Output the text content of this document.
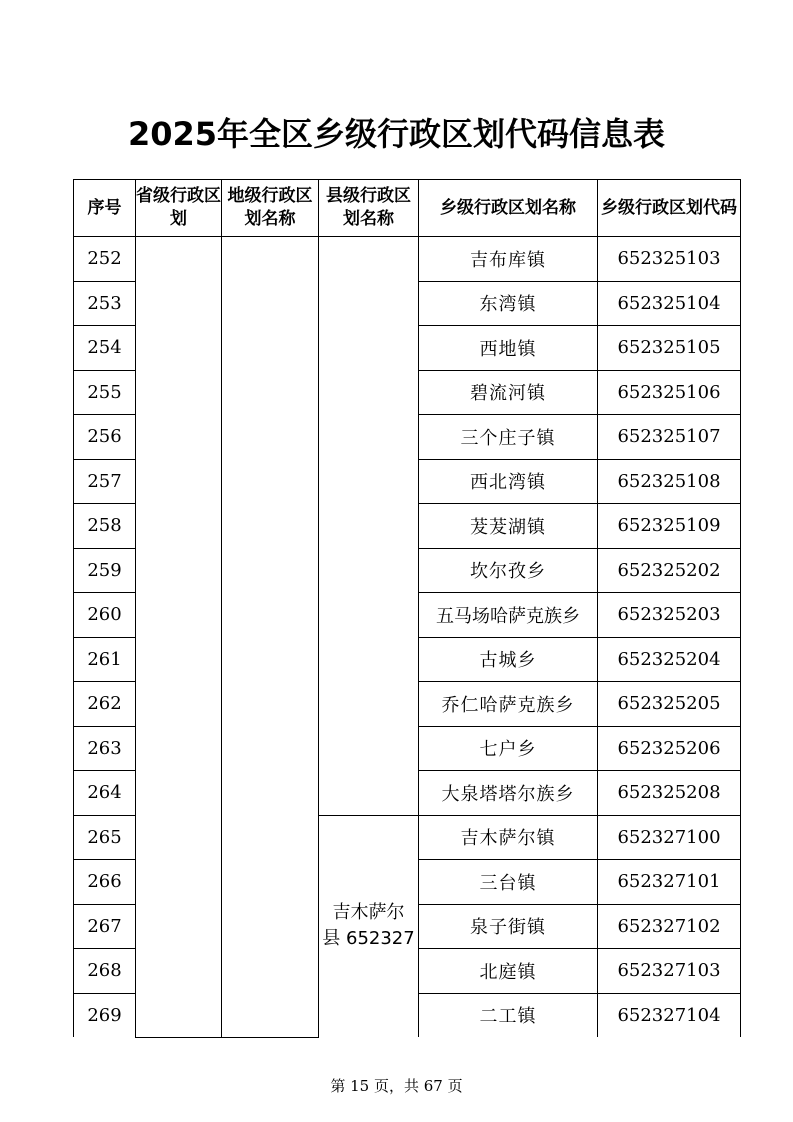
2025年全区乡级行政区划代码信息表
序号	省级行政区划	地级行政区划名称	县级行政区划名称	乡级行政区划名称	乡级行政区划代码
252				吉布库镇	652325103
253				东湾镇	652325104
254				西地镇	652325105
255				碧流河镇	652325106
256				三个庄子镇	652325107
257				西北湾镇	652325108
258				茇茇湖镇	652325109
259				坎尔孜乡	652325202
260				五马场哈萨克族乡	652325203
261				古城乡	652325204
262				乔仁哈萨克族乡	652325205
263				七户乡	652325206
264				大泉塔塔尔族乡	652325208
265			吉木萨尔
县 652327	吉木萨尔镇	652327100
266				三台镇	652327101
267				泉子街镇	652327102
268				北庭镇	652327103
269				二工镇	652327104
第 15 页，共 67 页
